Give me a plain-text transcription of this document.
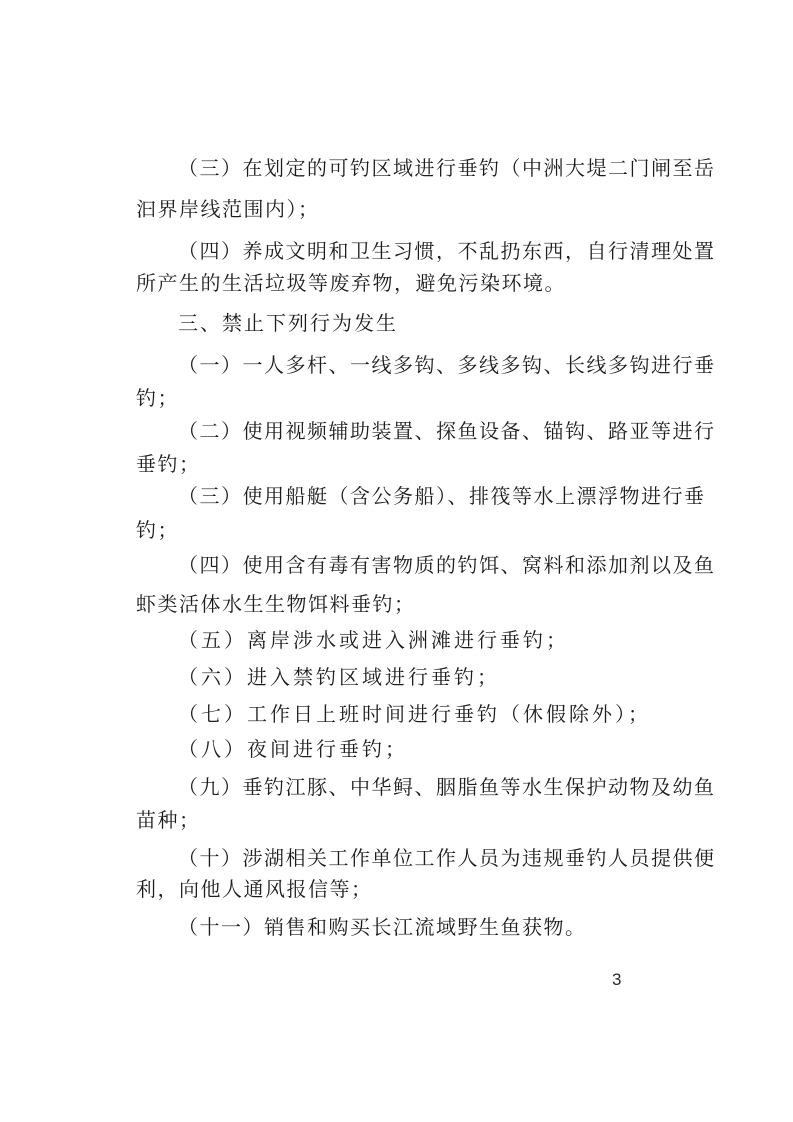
（三）在划定的可钓区域进行垂钓（中洲大堤二门闸至岳

汩界岸线范围内）；

（四）养成文明和卫生习惯，不乱扔东西，自行清理处置

所产生的生活垃圾等废弃物，避免污染环境。

三、禁止下列行为发生

（一）一人多杆、一线多钩、多线多钩、长线多钩进行垂

钓；

（二）使用视频辅助装置、探鱼设备、锚钩、路亚等进行

垂钓；

（三）使用船艇（含公务船）、排筏等水上漂浮物进行垂

钓；

（四）使用含有毒有害物质的钓饵、窝料和添加剂以及鱼

虾类活体水生生物饵料垂钓；

（五）离岸涉水或进入洲滩进行垂钓；

（六）进入禁钓区域进行垂钓；

（七）工作日上班时间进行垂钓（休假除外）；

（八）夜间进行垂钓；

（九）垂钓江豚、中华鲟、胭脂鱼等水生保护动物及幼鱼

苗种；

（十）涉湖相关工作单位工作人员为违规垂钓人员提供便

利，向他人通风报信等；

（十一）销售和购买长江流域野生鱼获物。

3
